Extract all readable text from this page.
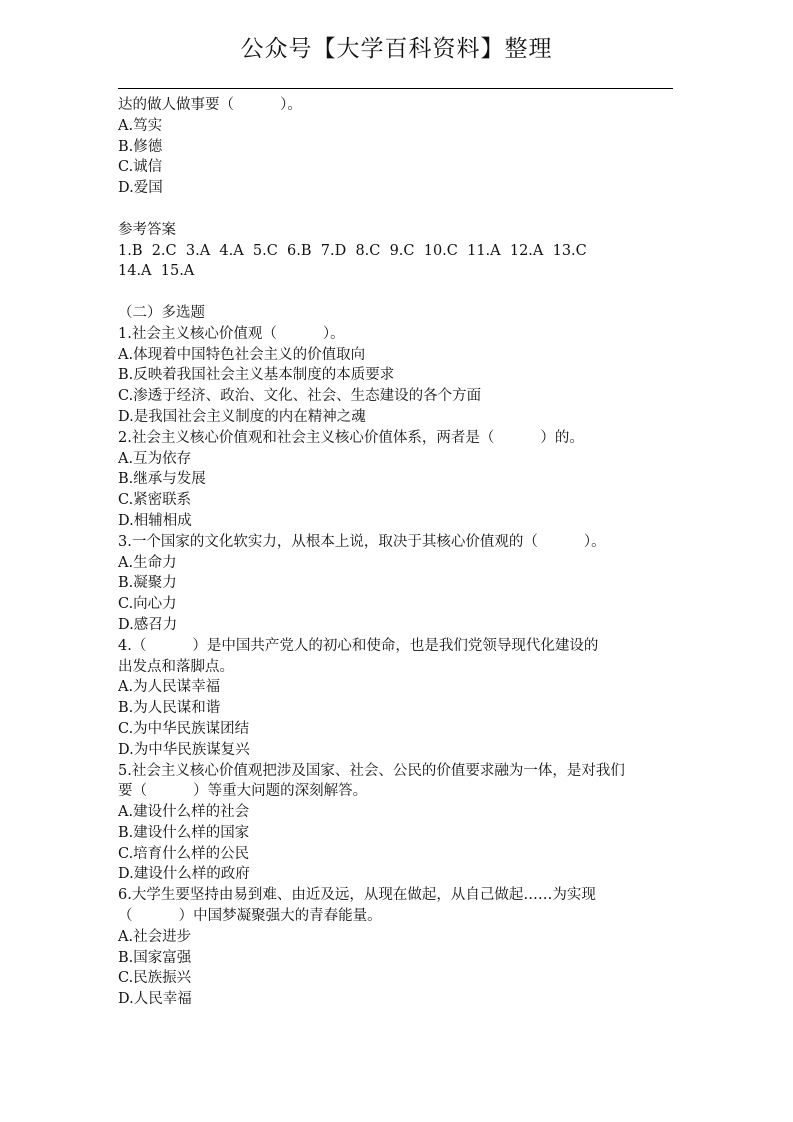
公众号【大学百科资料】整理
达的做人做事要（          ）。
A.笃实
B.修德
C.诚信
D.爱国
参考答案
1.B  2.C  3.A  4.A  5.C  6.B  7.D  8.C  9.C  10.C  11.A  12.A  13.C
14.A  15.A
（二）多选题
1.社会主义核心价值观（          ）。
A.体现着中国特色社会主义的价值取向
B.反映着我国社会主义基本制度的本质要求
C.渗透于经济、政治、文化、社会、生态建设的各个方面
D.是我国社会主义制度的内在精神之魂
2.社会主义核心价值观和社会主义核心价值体系，两者是（          ）的。
A.互为依存
B.继承与发展
C.紧密联系
D.相辅相成
3.一个国家的文化软实力，从根本上说，取决于其核心价值观的（          ）。
A.生命力
B.凝聚力
C.向心力
D.感召力
4.（          ）是中国共产党人的初心和使命，也是我们党领导现代化建设的
出发点和落脚点。
A.为人民谋幸福
B.为人民谋和谐
C.为中华民族谋团结
D.为中华民族谋复兴
5.社会主义核心价值观把涉及国家、社会、公民的价值要求融为一体，是对我们
要（          ）等重大问题的深刻解答。
A.建设什么样的社会
B.建设什么样的国家
C.培育什么样的公民
D.建设什么样的政府
6.大学生要坚持由易到难、由近及远，从现在做起，从自己做起……为实现
（          ）中国梦凝聚强大的青春能量。
A.社会进步
B.国家富强
C.民族振兴
D.人民幸福
